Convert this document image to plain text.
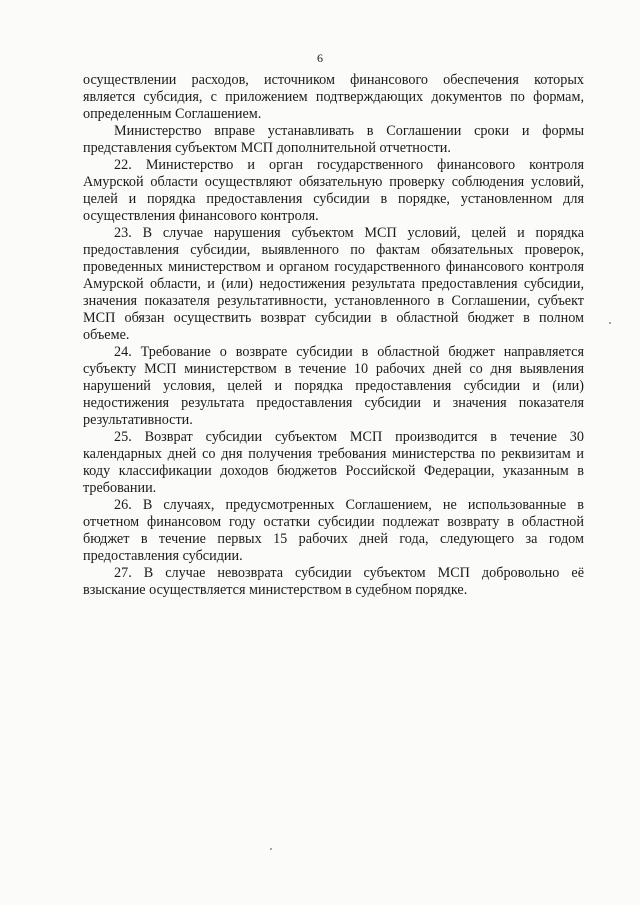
6
осуществлении расходов, источником финансового обеспечения которых
является субсидия, с приложением подтверждающих документов по формам,
определенным Соглашением.
Министерство вправе устанавливать в Соглашении сроки и формы
представления субъектом МСП дополнительной отчетности.
22. Министерство и орган государственного финансового контроля
Амурской области осуществляют обязательную проверку соблюдения условий,
целей и порядка предоставления субсидии в порядке, установленном для
осуществления финансового контроля.
23. В случае нарушения субъектом МСП условий, целей и порядка
предоставления субсидии, выявленного по фактам обязательных проверок,
проведенных министерством и органом государственного финансового контроля
Амурской области, и (или) недостижения результата предоставления субсидии,
значения показателя результативности, установленного в Соглашении, субъект
МСП обязан осуществить возврат субсидии в областной бюджет в полном
объеме.
24. Требование о возврате субсидии в областной бюджет направляется
субъекту МСП министерством в течение 10 рабочих дней со дня выявления
нарушений условия, целей и порядка предоставления субсидии и (или)
недостижения результата предоставления субсидии и значения показателя
результативности.
25. Возврат субсидии субъектом МСП производится в течение 30
календарных дней со дня получения требования министерства по реквизитам и
коду классификации доходов бюджетов Российской Федерации, указанным в
требовании.
26. В случаях, предусмотренных Соглашением, не использованные в
отчетном финансовом году остатки субсидии подлежат возврату в областной
бюджет в течение первых 15 рабочих дней года, следующего за годом
предоставления субсидии.
27. В случае невозврата субсидии субъектом МСП добровольно её
взыскание осуществляется министерством в судебном порядке.
